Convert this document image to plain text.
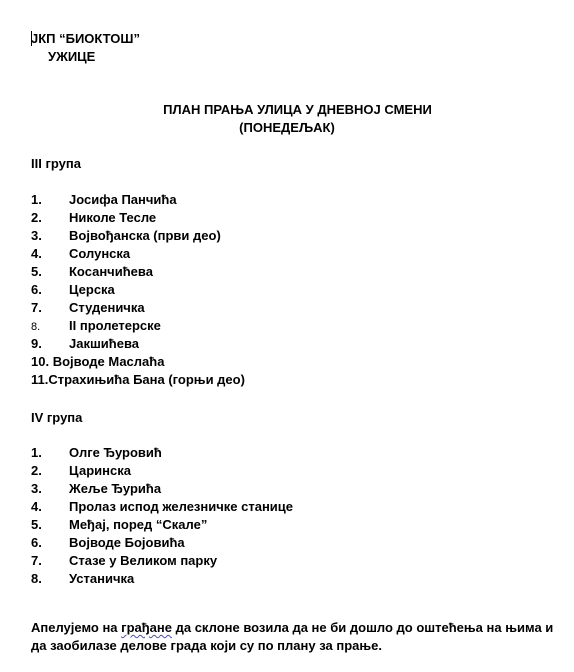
ЈКП “БИОКТОШ”
УЖИЦЕ
ПЛАН ПРАЊА УЛИЦА У ДНЕВНОЈ СМЕНИ
(ПОНЕДЕЉАК)
III група
1. Јосифа Панчића
2. Николе Тесле
3. Војвођанска (први део)
4. Солунска
5. Косанчићева
6. Церска
7. Студеничка
8. II пролетерске
9. Јакшићева
10. Војводе Маслаћа
11.Страхињића Бана (горњи део)
IV група
1. Олге Ђуровић
2. Царинска
3. Жеље Ђурића
4. Пролаз испод железничке станице
5. Међај, поред “Скале”
6. Војводе Бојовића
7. Стазе у Великом парку
8. Устаничка
Апелујемо на грађане да склоне возила да не би дошло до оштећења на њима и да заобилазе делове града који су по плану за прање.
